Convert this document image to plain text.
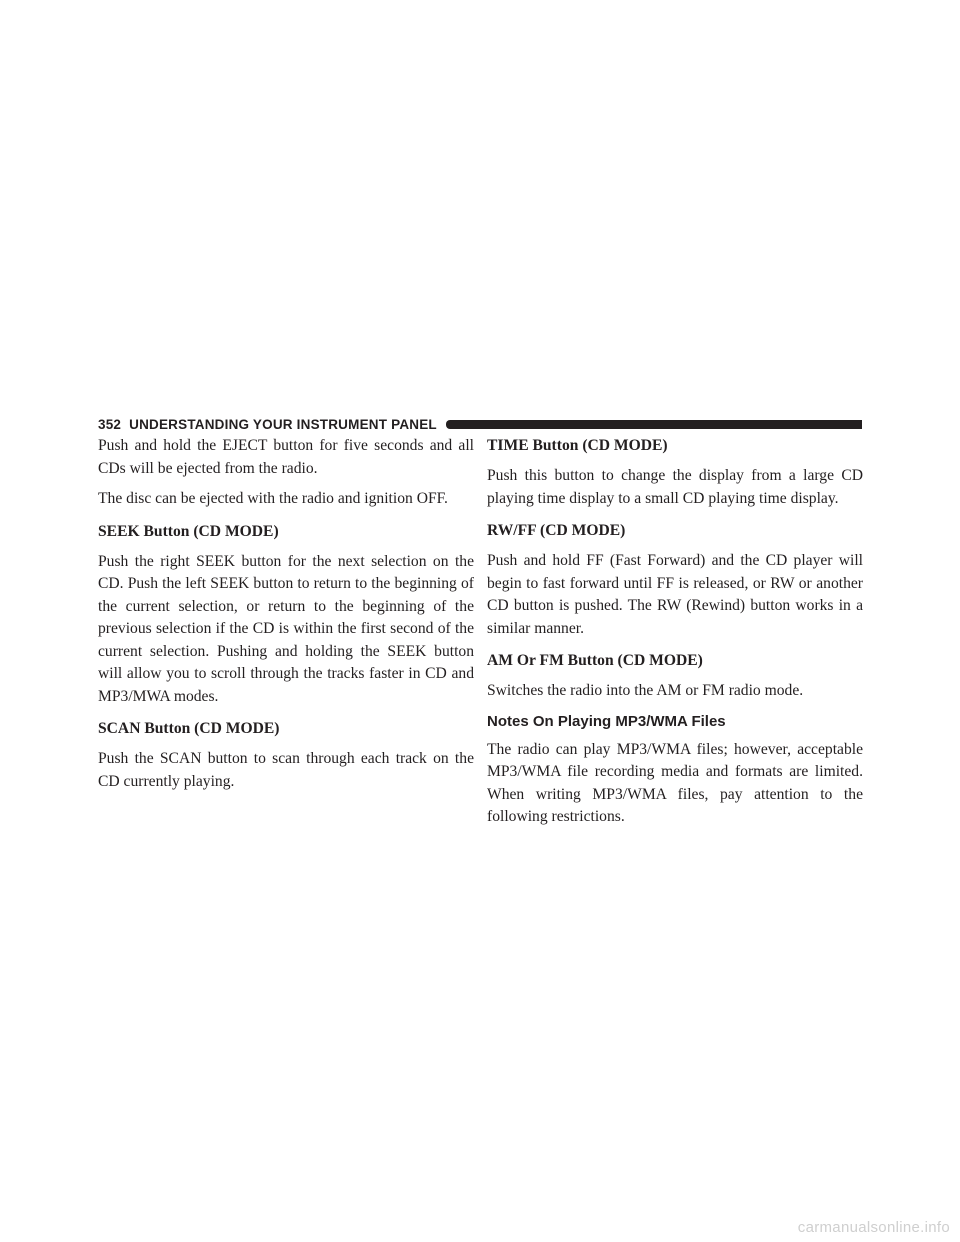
352 UNDERSTANDING YOUR INSTRUMENT PANEL

Push and hold the EJECT button for five seconds and all CDs will be ejected from the radio.

The disc can be ejected with the radio and ignition OFF.

SEEK Button (CD MODE)

Push the right SEEK button for the next selection on the CD. Push the left SEEK button to return to the beginning of the current selection, or return to the beginning of the previous selection if the CD is within the first second of the current selection. Pushing and holding the SEEK button will allow you to scroll through the tracks faster in CD and MP3/MWA modes.

SCAN Button (CD MODE)

Push the SCAN button to scan through each track on the CD currently playing.

TIME Button (CD MODE)

Push this button to change the display from a large CD playing time display to a small CD playing time display.

RW/FF (CD MODE)

Push and hold FF (Fast Forward) and the CD player will begin to fast forward until FF is released, or RW or another CD button is pushed. The RW (Rewind) button works in a similar manner.

AM Or FM Button (CD MODE)

Switches the radio into the AM or FM radio mode.

Notes On Playing MP3/WMA Files

The radio can play MP3/WMA files; however, acceptable MP3/WMA file recording media and formats are limited. When writing MP3/WMA files, pay attention to the following restrictions.

carmanualsonline.info
